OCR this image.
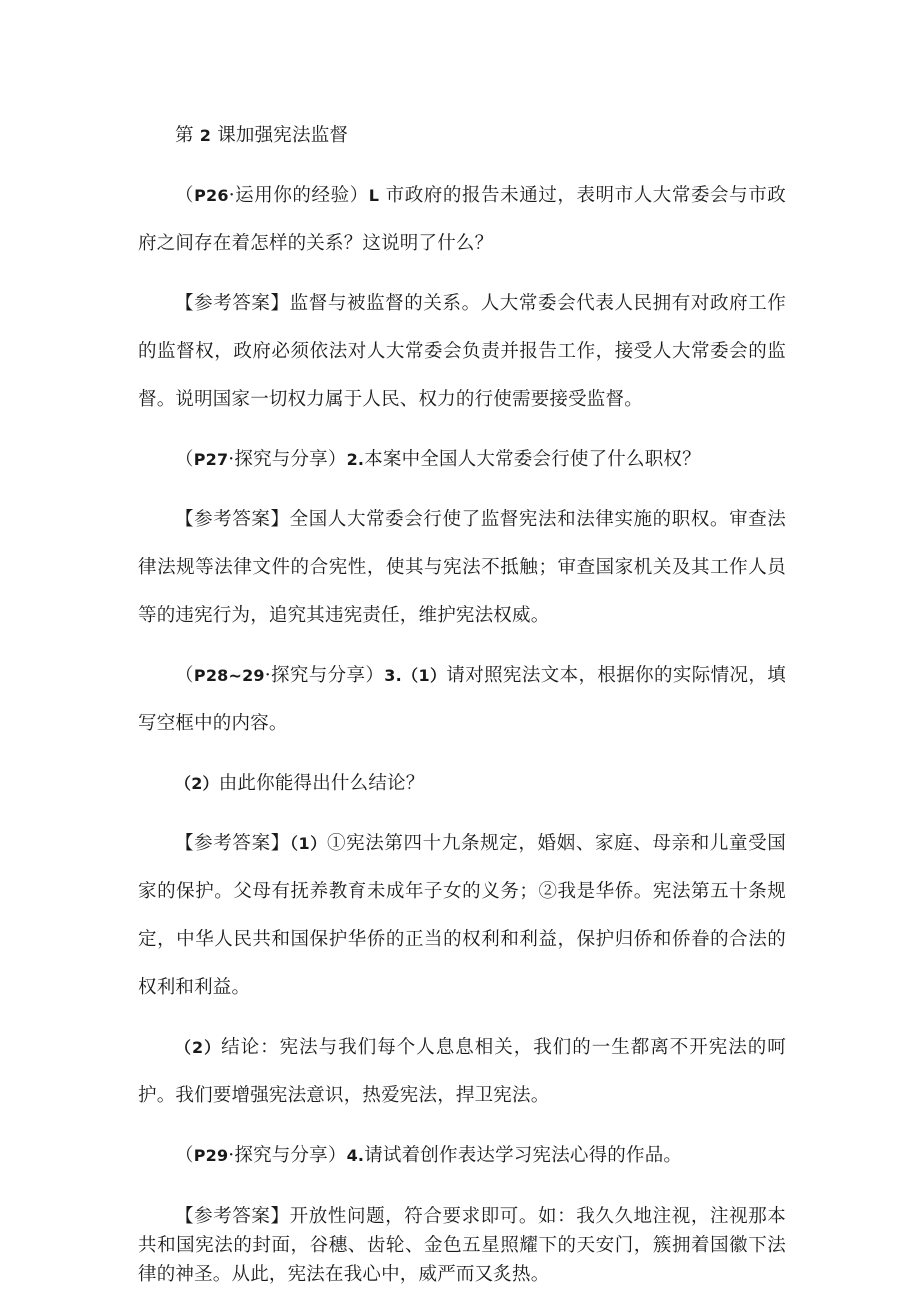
第 2 课加强宪法监督

（P26·运用你的经验）L 市政府的报告未通过，表明市人大常委会与市政府之间存在着怎样的关系？这说明了什么？

【参考答案】监督与被监督的关系。人大常委会代表人民拥有对政府工作的监督权，政府必须依法对人大常委会负责并报告工作，接受人大常委会的监督。说明国家一切权力属于人民、权力的行使需要接受监督。

（P27·探究与分享）2.本案中全国人大常委会行使了什么职权？

【参考答案】全国人大常委会行使了监督宪法和法律实施的职权。审查法律法规等法律文件的合宪性，使其与宪法不抵触；审查国家机关及其工作人员等的违宪行为，追究其违宪责任，维护宪法权威。

（P28~29·探究与分享）3.（1）请对照宪法文本，根据你的实际情况，填写空框中的内容。

（2）由此你能得出什么结论？

【参考答案】（1）①宪法第四十九条规定，婚姻、家庭、母亲和儿童受国家的保护。父母有抚养教育未成年子女的义务；②我是华侨。宪法第五十条规定，中华人民共和国保护华侨的正当的权利和利益，保护归侨和侨眷的合法的权利和利益。

（2）结论：宪法与我们每个人息息相关，我们的一生都离不开宪法的呵护。我们要增强宪法意识，热爱宪法，捍卫宪法。

（P29·探究与分享）4.请试着创作表达学习宪法心得的作品。

【参考答案】开放性问题，符合要求即可。如：我久久地注视，注视那本共和国宪法的封面，谷穗、齿轮、金色五星照耀下的天安门，簇拥着国徽下法律的神圣。从此，宪法在我心中，威严而又炙热。
